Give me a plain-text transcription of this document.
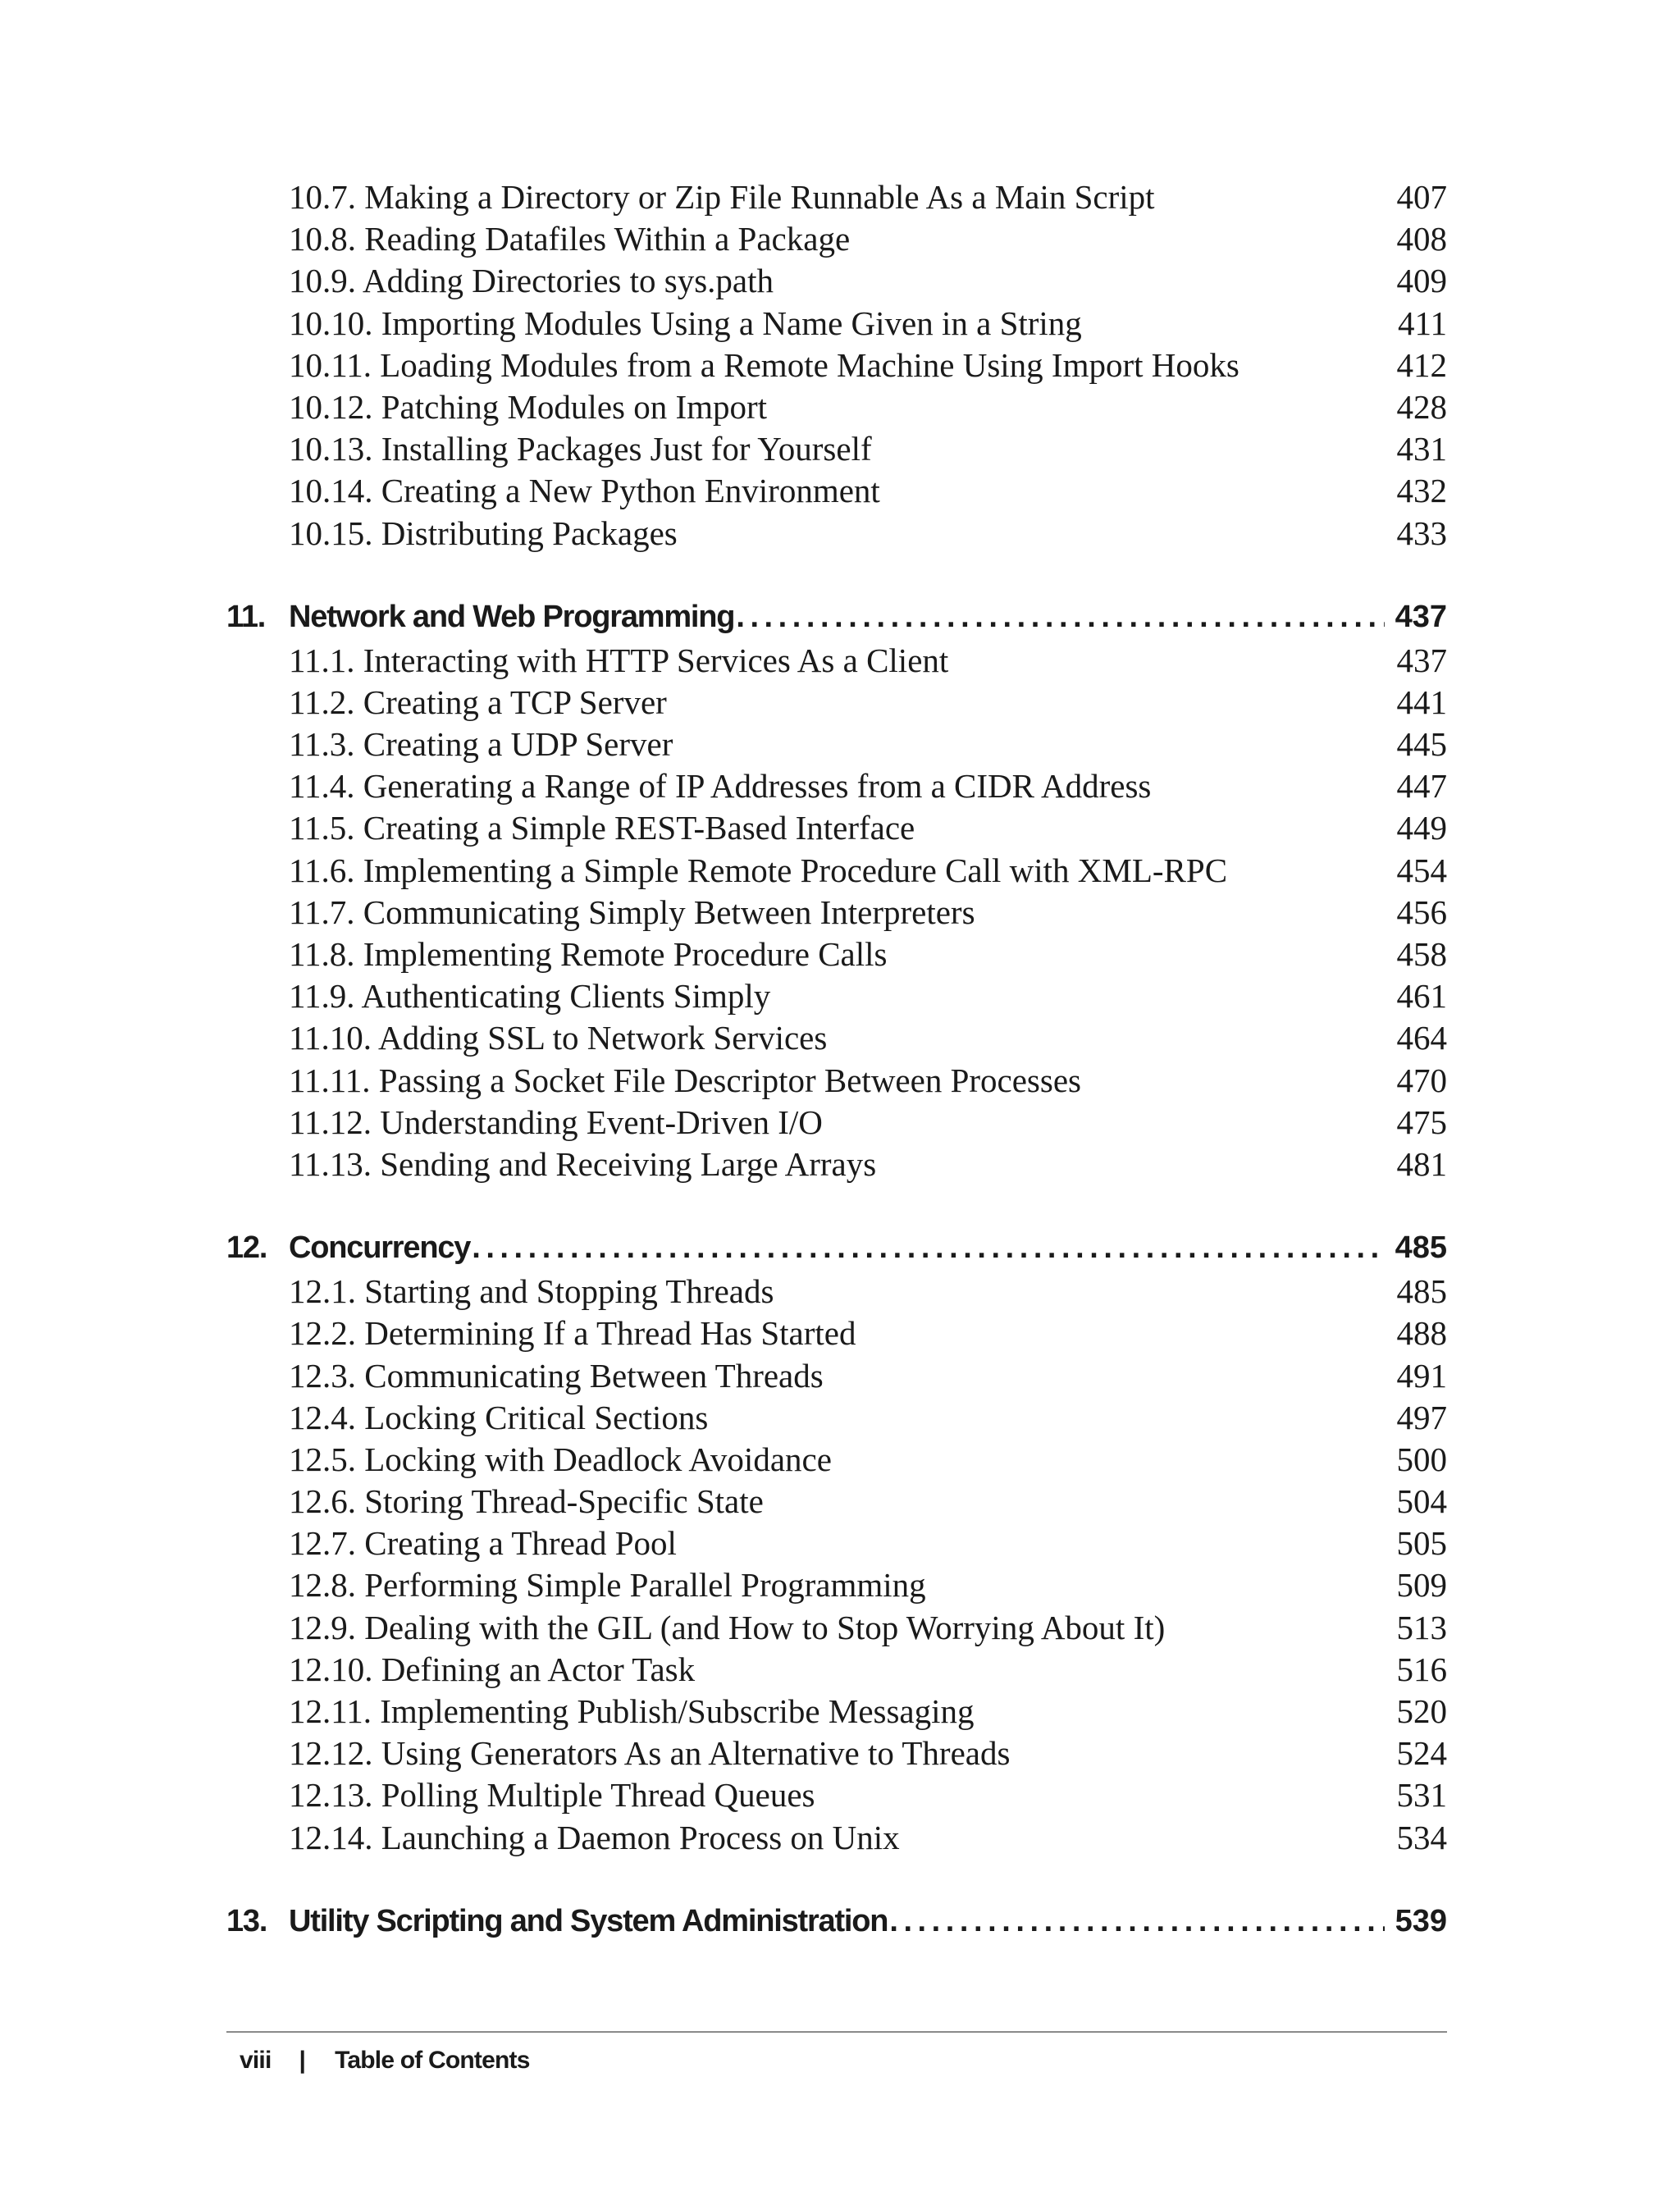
10.7. Making a Directory or Zip File Runnable As a Main Script	407
10.8. Reading Datafiles Within a Package	408
10.9. Adding Directories to sys.path	409
10.10. Importing Modules Using a Name Given in a String	411
10.11. Loading Modules from a Remote Machine Using Import Hooks	412
10.12. Patching Modules on Import	428
10.13. Installing Packages Just for Yourself	431
10.14. Creating a New Python Environment	432
10.15. Distributing Packages	433
11. Network and Web Programming . . .	437
11.1. Interacting with HTTP Services As a Client	437
11.2. Creating a TCP Server	441
11.3. Creating a UDP Server	445
11.4. Generating a Range of IP Addresses from a CIDR Address	447
11.5. Creating a Simple REST-Based Interface	449
11.6. Implementing a Simple Remote Procedure Call with XML-RPC	454
11.7. Communicating Simply Between Interpreters	456
11.8. Implementing Remote Procedure Calls	458
11.9. Authenticating Clients Simply	461
11.10. Adding SSL to Network Services	464
11.11. Passing a Socket File Descriptor Between Processes	470
11.12. Understanding Event-Driven I/O	475
11.13. Sending and Receiving Large Arrays	481
12. Concurrency . . .	485
12.1. Starting and Stopping Threads	485
12.2. Determining If a Thread Has Started	488
12.3. Communicating Between Threads	491
12.4. Locking Critical Sections	497
12.5. Locking with Deadlock Avoidance	500
12.6. Storing Thread-Specific State	504
12.7. Creating a Thread Pool	505
12.8. Performing Simple Parallel Programming	509
12.9. Dealing with the GIL (and How to Stop Worrying About It)	513
12.10. Defining an Actor Task	516
12.11. Implementing Publish/Subscribe Messaging	520
12.12. Using Generators As an Alternative to Threads	524
12.13. Polling Multiple Thread Queues	531
12.14. Launching a Daemon Process on Unix	534
13. Utility Scripting and System Administration . . .	539
viii | Table of Contents
